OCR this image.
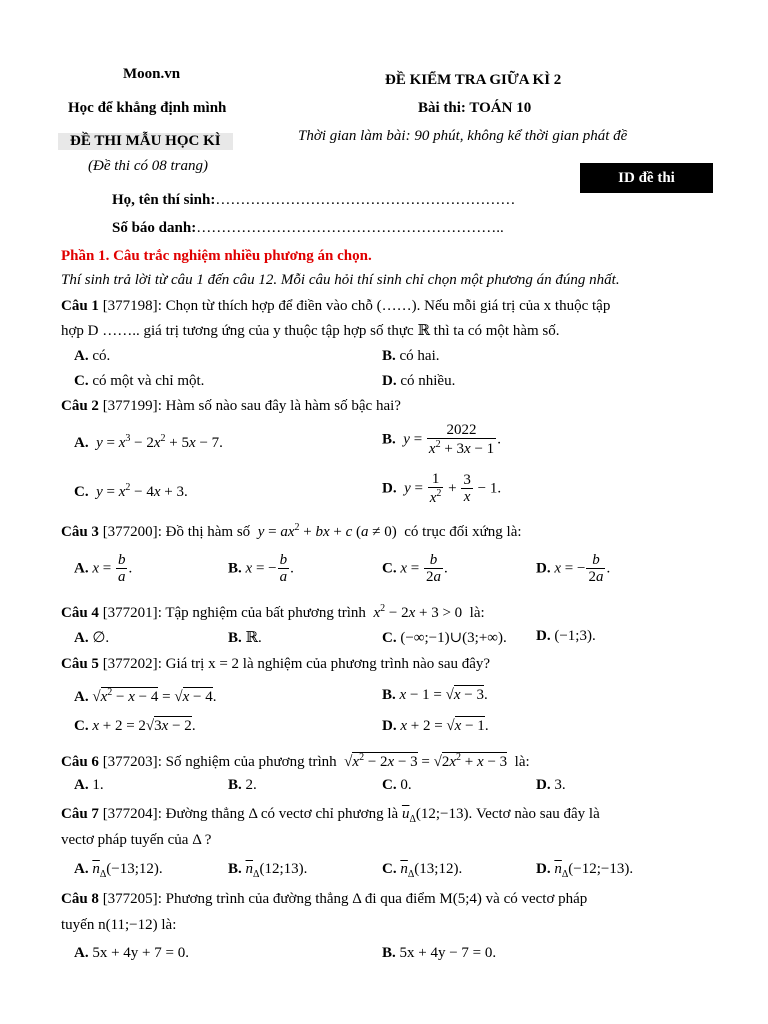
Moon.vn
Học để khẳng định mình
ĐỀ THI MẪU HỌC KÌ
(Đề thi có 08 trang)
ĐỀ KIỂM TRA GIỮA KÌ 2
Bài thi: TOÁN 10
Thời gian làm bài: 90 phút, không kể thời gian phát đề
ID đề thi
Họ, tên thí sinh:……………………………………………………
Số báo danh:……………………………………………………..
Phần 1. Câu trắc nghiệm nhiều phương án chọn.
Thí sinh trả lời từ câu 1 đến câu 12. Mỗi câu hỏi thí sinh chỉ chọn một phương án đúng nhất.
Câu 1 [377198]: Chọn từ thích hợp để điền vào chỗ (……). Nếu mỗi giá trị của x thuộc tập
hợp D …….. giá trị tương ứng của y thuộc tập hợp số thực ℝ thì ta có một hàm số.
A. có.	B. có hai.
C. có một và chỉ một.	D. có nhiều.
Câu 2 [377199]: Hàm số nào sau đây là hàm số bậc hai?
A. $y = x^3 - 2x^2 + 5x - 7$.	B. $y = \frac{2022}{x^2 + 3x - 1}$ .
C. $y = x^2 - 4x + 3$.	D. $y = \frac{1}{x^2} + \frac{3}{x} - 1$.
Câu 3 [377200]: Đồ thị hàm số $y = ax^2$ + bx + c (a ≠ 0)  có trục đối xứng là:
A. $x = \frac{b}{a}$ .	B. x = − $\frac{b}{a}$ .	C. $x = \frac{b}{2a}$ .	D. x = − $\frac{b}{2a}$ .
Câu 4 [377201]: Tập nghiệm của bất phương trình $x^2 - 2x + 3 > 0$  là:
A. ∅.	B. ℝ.	C. (−∞;−1)∪(3;+∞). D. (−1;3).
Câu 5 [377202]: Giá trị x = 2 là nghiệm của phương trình nào sau đây?
A. $√x^2 - x - 4 = √x - 4$.	B. x − 1 = √x − 3.
C. x + 2 = 2√3x − 2.	D. x + 2 = √x − 1.
Câu 6 [377203]: Số nghiệm của phương trình  $√x^2 - 2x - 3 = √2x^2 + x - 3$ là:
A. 1.	B. 2.	C. 0.	D. 3.
Câu 7 [377204]: Đường thẳng Δ có vectơ chỉ phương là $\overline{u}_\Delta(12;-13)$. Vectơ nào sau đây là
vectơ pháp tuyến của Δ ?
A. $\overline{n}_\Delta(-13;12)$.	B. $\overline{n}_\Delta(12;13)$.	C. $\overline{n}_\Delta(13;12)$.	D. $\overline{n}_\Delta(-12;-13)$.
Câu 8 [377205]: Phương trình của đường thẳng Δ đi qua điểm M(5;4) và có vectơ pháp
tuyến n(11;−12) là:
A. 5x + 4y + 7 = 0.	B. 5x + 4y − 7 = 0.
